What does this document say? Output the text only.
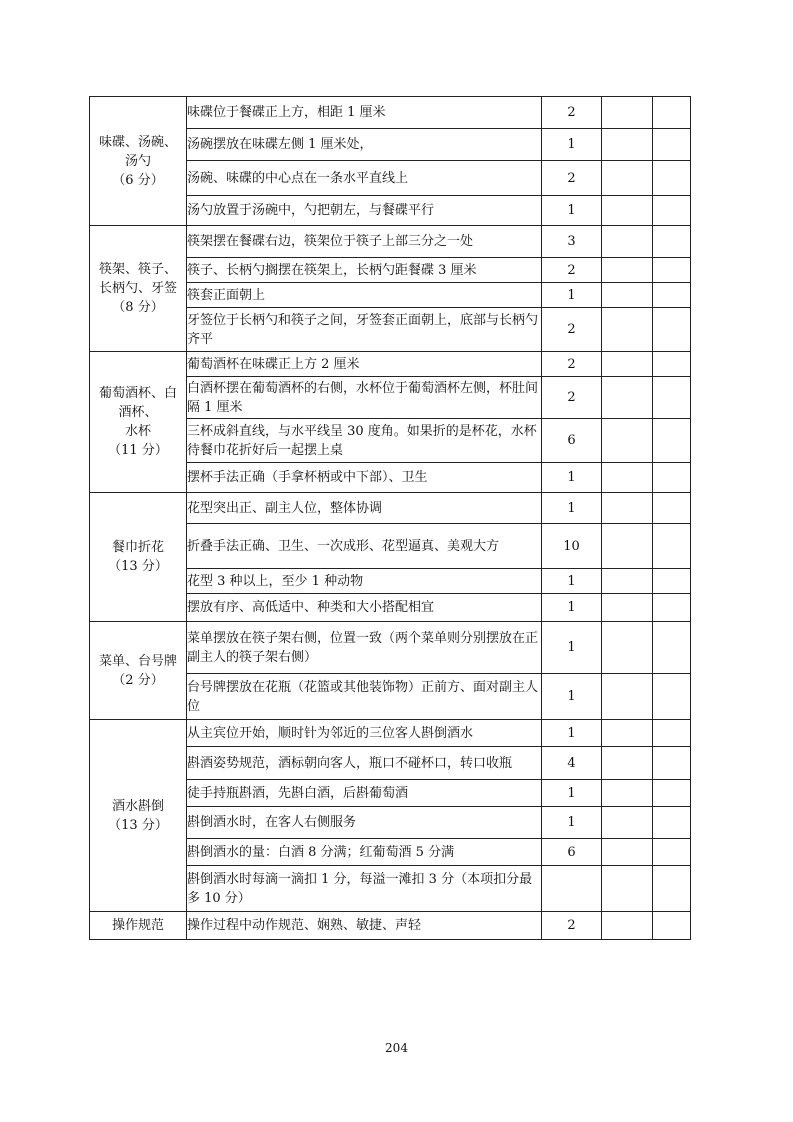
味碟、汤碗、
汤勺
（6 分）	味碟位于餐碟正上方，相距 1 厘米	2		
	汤碗摆放在味碟左侧 1 厘米处，	1		
	汤碗、味碟的中心点在一条水平直线上	2		
	汤勺放置于汤碗中，勺把朝左，与餐碟平行	1		

筷架、筷子、
长柄勺、牙签
（8 分）	筷架摆在餐碟右边，筷架位于筷子上部三分之一处	3		
	筷子、长柄勺搁摆在筷架上，长柄勺距餐碟 3 厘米	2		
	筷套正面朝上	1		
	牙签位于长柄勺和筷子之间，牙签套正面朝上，底部与长柄勺齐平	2		

葡萄酒杯、白
酒杯、
水杯
（11 分）	葡萄酒杯在味碟正上方 2 厘米	2		
	白酒杯摆在葡萄酒杯的右侧，水杯位于葡萄酒杯左侧，杯肚间隔 1 厘米	2		
	三杯成斜直线，与水平线呈 30 度角。如果折的是杯花，水杯待餐巾花折好后一起摆上桌	6		
	摆杯手法正确（手拿杯柄或中下部）、卫生	1		

餐巾折花
（13 分）	花型突出正、副主人位，整体协调	1		
	折叠手法正确、卫生、一次成形、花型逼真、美观大方	10		
	花型 3 种以上，至少 1 种动物	1		
	摆放有序、高低适中、种类和大小搭配相宜	1		

菜单、台号牌
（2 分）	菜单摆放在筷子架右侧，位置一致（两个菜单则分别摆放在正副主人的筷子架右侧）	1		
	台号牌摆放在花瓶（花篮或其他装饰物）正前方、面对副主人位	1		

酒水斟倒
（13 分）	从主宾位开始，顺时针为邻近的三位客人斟倒酒水	1		
	斟酒姿势规范，酒标朝向客人，瓶口不碰杯口，转口收瓶	4		
	徒手持瓶斟酒，先斟白酒，后斟葡萄酒	1		
	斟倒酒水时，在客人右侧服务	1		
	斟倒酒水的量：白酒 8 分满；红葡萄酒 5 分满	6		
	斟倒酒水时每滴一滴扣 1 分，每溢一滩扣 3 分（本项扣分最多 10 分）			

操作规范	操作过程中动作规范、娴熟、敏捷、声轻	2		
204
